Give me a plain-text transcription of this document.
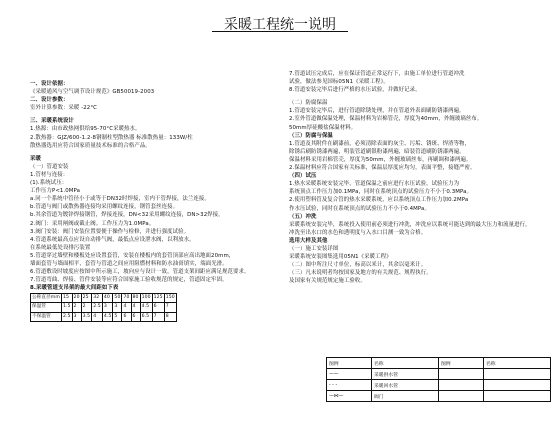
采暖工程统一说明
一、设计依据：
《采暖通风与空气调节设计规范》GB50019-2003
二、设计参数：
室外计算参数：采暖 -22°C
三、采暖系统设计
1.热源：由市政热网供给95-70°C采暖热水。
2.散热器：GJZ/600-1.2-8钢制柱型散热器 标准散热量：133W/柱
散热器选用应符合国家质量技术标准的合格产品。
采暖
（一）管道安装
1.管材与连接：
(1).系统试压：
工作压力P<1.0MPa
a.同一个系统中管径小于或等于DN32时焊接，室内干管焊接，法兰连接。
b.管道与阀门或散热器连接均采用螺纹连接，钢管套丝连接。
b.其余管道为镀锌焊接钢管，焊接连接，DN<32采用螺纹连接，DN>32焊接。
2.阀门：采用闸阀或截止阀。工作压力为1.0MPa。
3.阀门安装：阀门安装位置要便于操作与检修，并进行强度试验。
4.管道系统最高点应设自动排气阀，最低点应设泄水阀，以利放水。
在系统最低处设排污装置
5.管道穿过墙壁和楼板处应设置套管，安装在楼板内的套管顶部应高出地面20mm，
墙面套管与墙面相平，套管与管道之间应用阻燃材料和防水油膏填实，端面光滑。
6.管道敷设时坡度应按图中所示施工，坡向应与设计一致，管道支架间距应满足规范要求。
7.管道弯曲、焊接、管件安装等应符合国家施工验收规范的规定，管道固定牢固。
8.采暖管道支吊架的最大间距如下表
公称直径mm	15	20	25	32	40	50	70	80	100	125	150
保温管	1.5	2	2	2.5	3	3	4	4	4.5	6	7
不保温管	2.5	3	3.5	4	4.5	5	6	6	6.5	7	8
7.管道试压完成后，应在保证管道正常运行下，由施工单位进行管道冲洗
试验，做法参见国标05N1《采暖工程》。
8.管道安装完毕后进行严格的水压试验，并做好记录。
（二）防腐保温
1.管道安装完毕后，进行管道除锈处理，并在管道外表面刷防锈漆两遍。
2.室外管道做保温处理，保温材料为岩棉管壳，厚度为40mm，外缠玻璃丝布。
50mm厚硅酸盐保温材料。
（三）防腐与保温
1.管道及其附件在刷漆前，必须清除表面的灰尘、污垢、锈斑、焊渣等物，
除锈后刷防锈漆两遍，明装管道刷银粉漆两遍，暗装管道刷防锈漆两遍。
保温材料采用岩棉管壳，厚度为50mm，外缠玻璃丝布，再刷调和漆两遍。
2.保温材料应符合国家有关标准，保温层厚度应均匀，表面平整，接缝严密。
（四）试压
1.热水采暖系统安装完毕，管道保温之前应进行水压试验，试验压力为
系统顶点工作压力加0.1MPa，同时在系统顶点的试验压力不小于0.3MPa。
2.使用塑料管及复合管的热水采暖系统，应以系统顶点工作压力加0.2MPa
作水压试验，同时在系统顶点的试验压力不小于0.4MPa。
（五）冲洗
采暖系统安装完毕，系统投入使用前必须进行冲洗，冲洗应以系统可能达到的最大压力和流量进行，
冲洗至出水口的水色和透明度与入水口目测一致为合格。
选用大样及其他
（一）施工安装详图
采暖系统安装图集选用05N1《采暖工程》
（二）图中所注尺寸单位，标高以米计，其余以毫米计。
（三）凡未说明者均按国家及地方的有关规范、规程执行。
及国家有关规范规定施工验收。
图例	名称	图例	名称
——	采暖供水管		
- - -	采暖回水管		
—⋈—	阀门		
